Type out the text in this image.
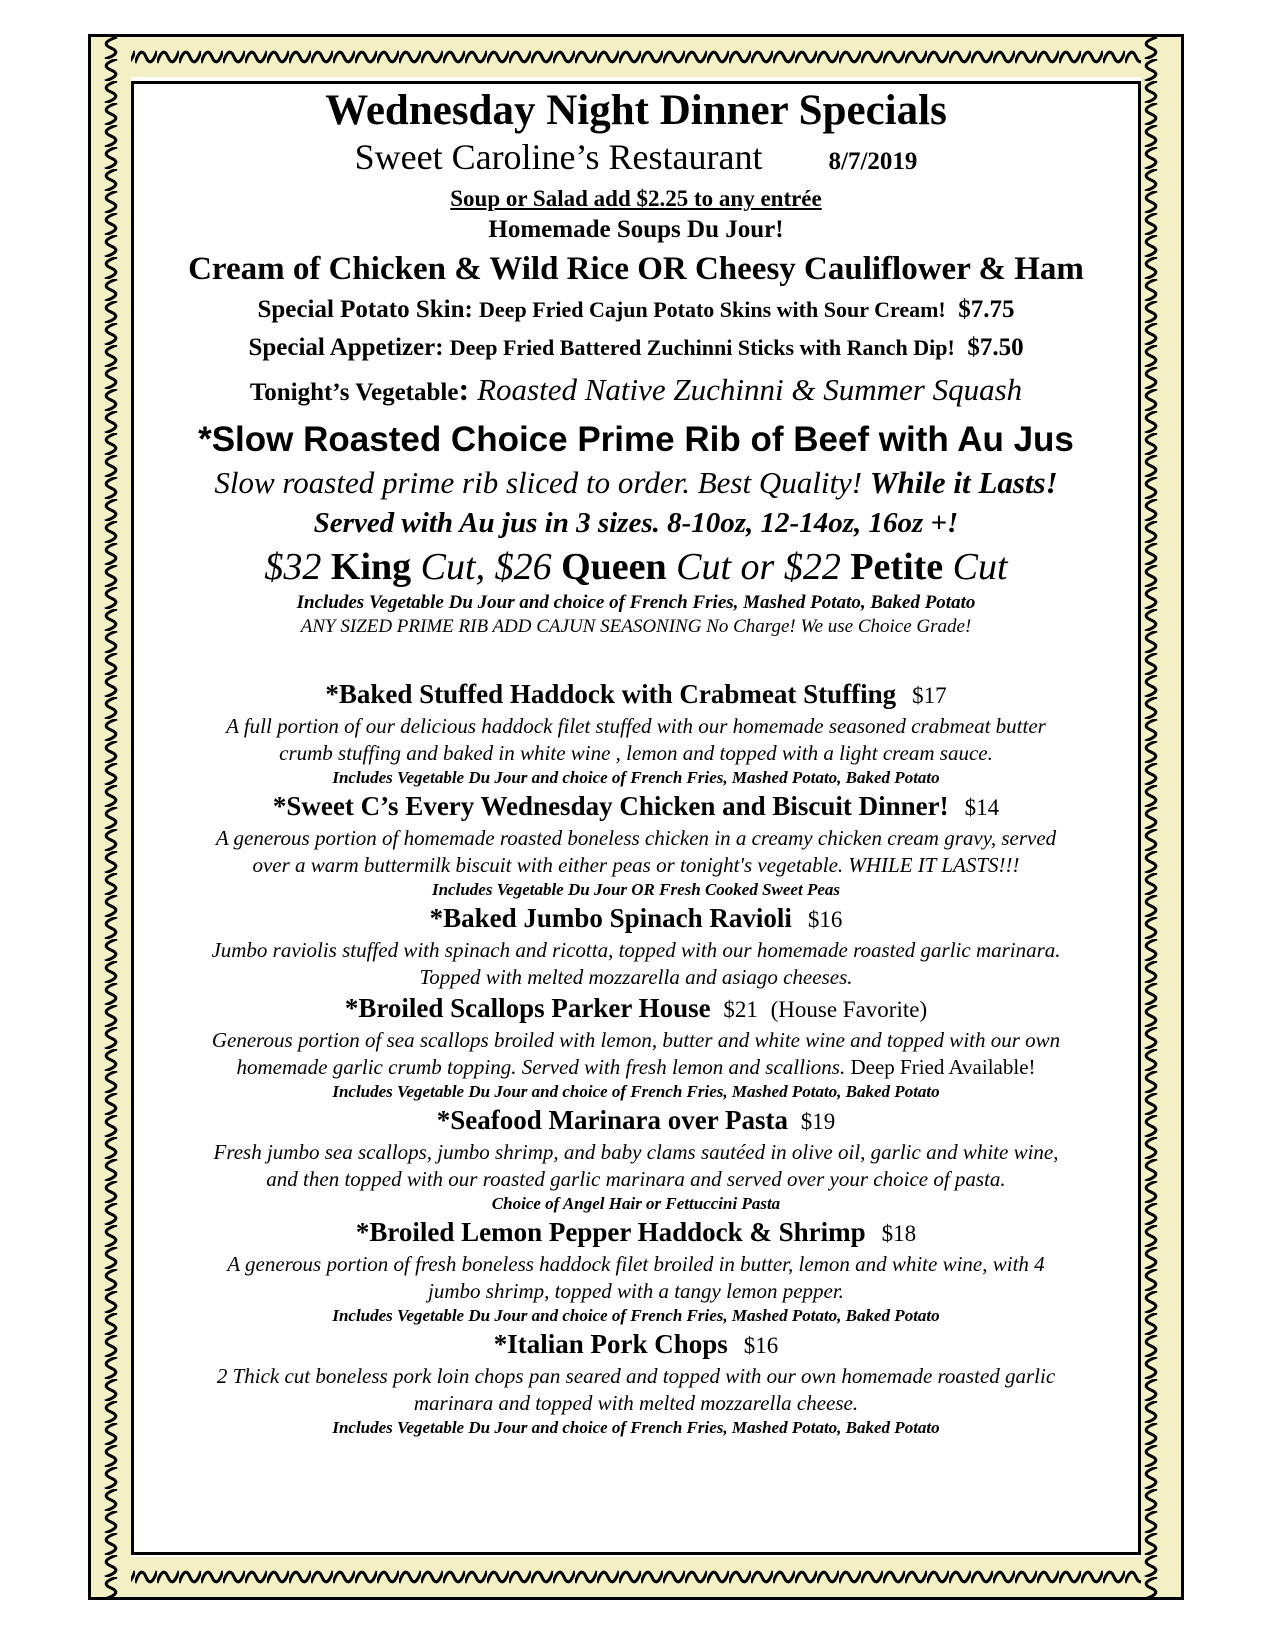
Wednesday Night Dinner Specials

Sweet Caroline’s Restaurant	8/7/2019

Soup or Salad add $2.25 to any entrée

Homemade Soups Du Jour!

Cream of Chicken & Wild Rice OR Cheesy Cauliflower & Ham

Special Potato Skin: Deep Fried Cajun Potato Skins with Sour Cream! $7.75

Special Appetizer: Deep Fried Battered Zuchinni Sticks with Ranch Dip! $7.50

Tonight’s Vegetable: Roasted Native Zuchinni & Summer Squash

*Slow Roasted Choice Prime Rib of Beef with Au Jus

Slow roasted prime rib sliced to order. Best Quality! While it Lasts!

Served with Au jus in 3 sizes. 8-10oz, 12-14oz, 16oz +!

$32 King Cut, $26 Queen Cut or $22 Petite Cut

Includes Vegetable Du Jour and choice of French Fries, Mashed Potato, Baked Potato

ANY SIZED PRIME RIB ADD CAJUN SEASONING No Charge! We use Choice Grade!

*Baked Stuffed Haddock with Crabmeat Stuffing $17

A full portion of our delicious haddock filet stuffed with our homemade seasoned crabmeat butter

crumb stuffing and baked in white wine , lemon and topped with a light cream sauce.

Includes Vegetable Du Jour and choice of French Fries, Mashed Potato, Baked Potato

*Sweet C’s Every Wednesday Chicken and Biscuit Dinner! $14

A generous portion of homemade roasted boneless chicken in a creamy chicken cream gravy, served

over a warm buttermilk biscuit with either peas or tonight's vegetable. WHILE IT LASTS!!!

Includes Vegetable Du Jour OR Fresh Cooked Sweet Peas

*Baked Jumbo Spinach Ravioli $16

Jumbo raviolis stuffed with spinach and ricotta, topped with our homemade roasted garlic marinara.

Topped with melted mozzarella and asiago cheeses.

*Broiled Scallops Parker House $21 (House Favorite)

Generous portion of sea scallops broiled with lemon, butter and white wine and topped with our own

homemade garlic crumb topping. Served with fresh lemon and scallions. Deep Fried Available!

Includes Vegetable Du Jour and choice of French Fries, Mashed Potato, Baked Potato

*Seafood Marinara over Pasta $19

Fresh jumbo sea scallops, jumbo shrimp, and baby clams sautéed in olive oil, garlic and white wine,

and then topped with our roasted garlic marinara and served over your choice of pasta.

Choice of Angel Hair or Fettuccini Pasta

*Broiled Lemon Pepper Haddock & Shrimp $18

A generous portion of fresh boneless haddock filet broiled in butter, lemon and white wine, with 4

jumbo shrimp, topped with a tangy lemon pepper.

Includes Vegetable Du Jour and choice of French Fries, Mashed Potato, Baked Potato

*Italian Pork Chops $16

2 Thick cut boneless pork loin chops pan seared and topped with our own homemade roasted garlic

marinara and topped with melted mozzarella cheese.

Includes Vegetable Du Jour and choice of French Fries, Mashed Potato, Baked Potato
